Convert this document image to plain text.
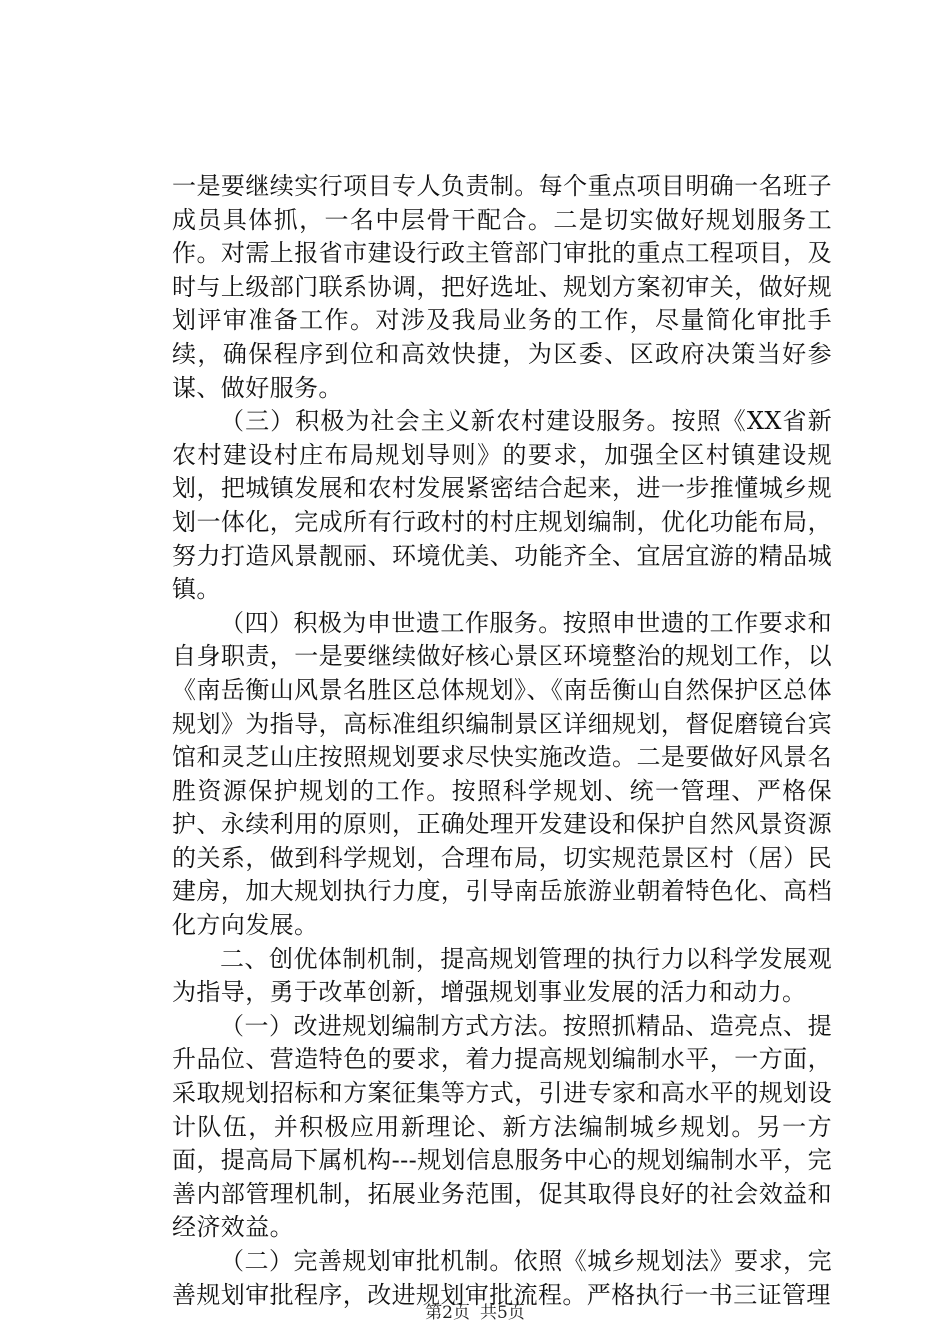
一是要继续实行项目专人负责制。每个重点项目明确一名班子成员具体抓，一名中层骨干配合。二是切实做好规划服务工作。对需上报省市建设行政主管部门审批的重点工程项目，及时与上级部门联系协调，把好选址、规划方案初审关，做好规划评审准备工作。对涉及我局业务的工作，尽量简化审批手续，确保程序到位和高效快捷，为区委、区政府决策当好参谋、做好服务。

（三）积极为社会主义新农村建设服务。按照《XX省新农村建设村庄布局规划导则》的要求，加强全区村镇建设规划，把城镇发展和农村发展紧密结合起来，进一步推懂城乡规划一体化，完成所有行政村的村庄规划编制，优化功能布局，努力打造风景靓丽、环境优美、功能齐全、宜居宜游的精品城镇。

（四）积极为申世遗工作服务。按照申世遗的工作要求和自身职责，一是要继续做好核心景区环境整治的规划工作，以《南岳衡山风景名胜区总体规划》、《南岳衡山自然保护区总体规划》为指导，高标准组织编制景区详细规划，督促磨镜台宾馆和灵芝山庄按照规划要求尽快实施改造。二是要做好风景名胜资源保护规划的工作。按照科学规划、统一管理、严格保护、永续利用的原则，正确处理开发建设和保护自然风景资源的关系，做到科学规划，合理布局，切实规范景区村（居）民建房，加大规划执行力度，引导南岳旅游业朝着特色化、高档化方向发展。

二、创优体制机制，提高规划管理的执行力以科学发展观为指导，勇于改革创新，增强规划事业发展的活力和动力。

（一）改进规划编制方式方法。按照抓精品、造亮点、提升品位、营造特色的要求，着力提高规划编制水平，一方面，采取规划招标和方案征集等方式，引进专家和高水平的规划设计队伍，并积极应用新理论、新方法编制城乡规划。另一方面，提高局下属机构---规划信息服务中心的规划编制水平，完善内部管理机制，拓展业务范围，促其取得良好的社会效益和经济效益。

（二）完善规划审批机制。依照《城乡规划法》要求，完善规划审批程序，改进规划审批流程。严格执行一书三证管理

第2页 共5页
